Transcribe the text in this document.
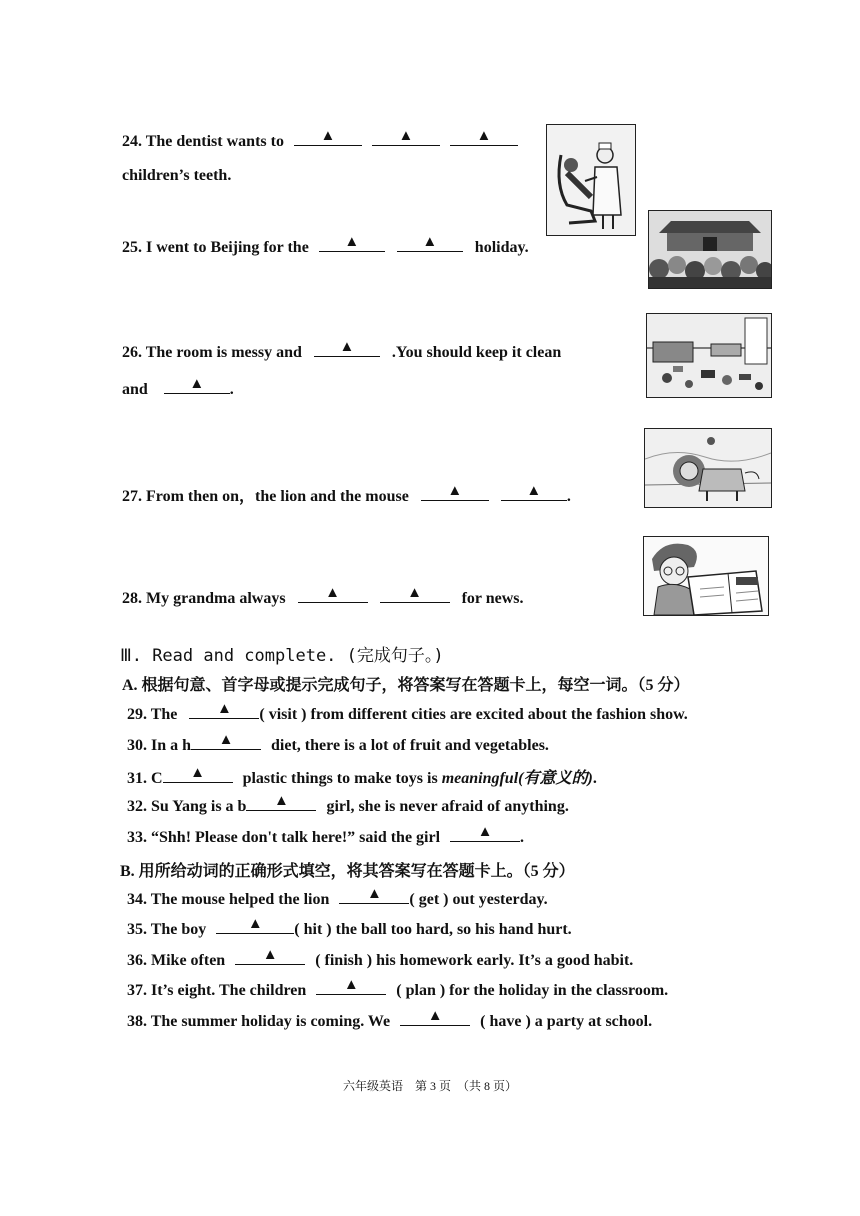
24. The dentist wants to ▲
	▲
	▲
children’s teeth.
25. I went to Beijing for the ▲
	▲ holiday.
26. The room is messy and	▲ .You should keep it clean
and	▲ .
27. From then on，the lion and the mouse	▲
	▲ .
28. My grandma always	▲
	▲ for news.
Ⅲ. Read and complete. (完成句子。)
A. 根据句意、首字母或提示完成句子，将答案写在答题卡上，每空一词。（5 分）
29. The	▲ ( visit ) from different cities are excited about the fashion show.
30. In a h ▲ diet, there is a lot of fruit and vegetables.
31. C ▲ plastic things to make toys is meaningful(有意义的).
32. Su Yang is a b ▲ girl, she is never afraid of anything.
33. “Shh! Please don't talk here!” said the girl	▲ .
B. 用所给动词的正确形式填空，将其答案写在答题卡上。（5 分）
34. The mouse helped the lion	▲ ( get ) out yesterday.
35. The boy	▲ ( hit ) the ball too hard, so his hand hurt.
36. Mike often	▲ ( finish ) his homework early. It’s a good habit.
37. It’s eight. The children	▲ ( plan ) for the holiday in the classroom.
38. The summer holiday is coming. We	▲ ( have ) a party at school.
六年级英语　第 3 页　（共 8 页）
